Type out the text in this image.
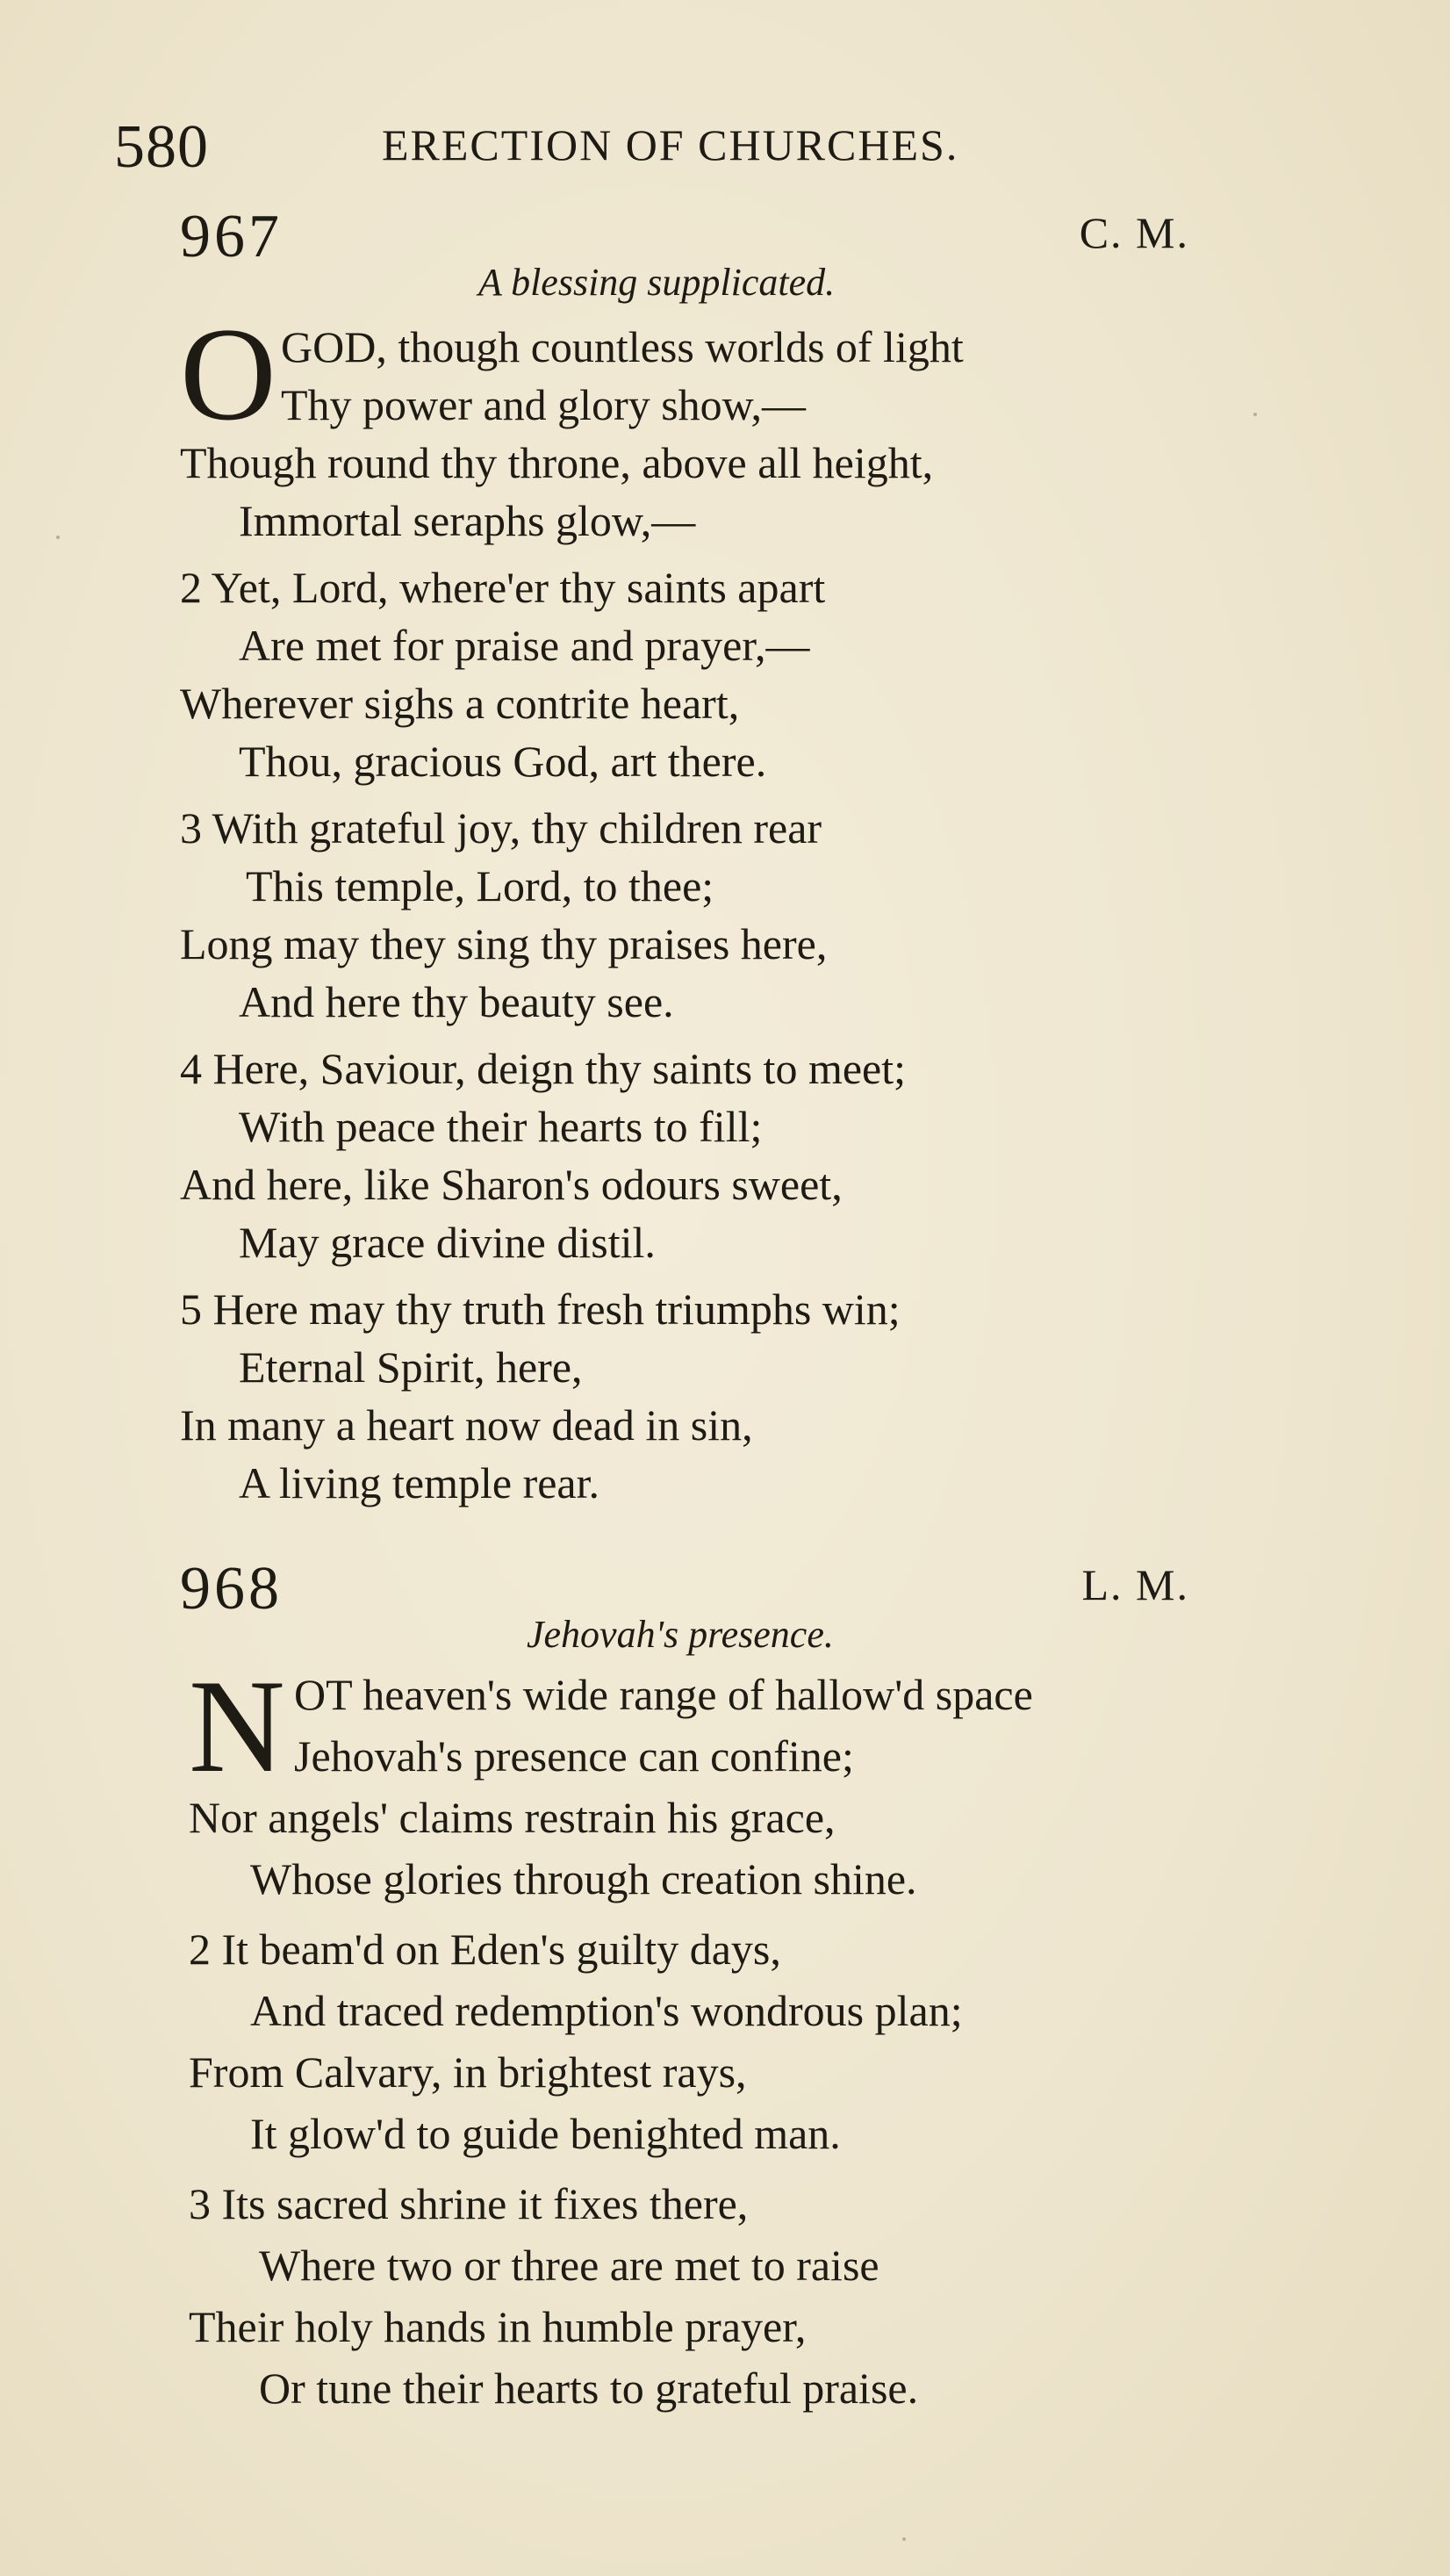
580	ERECTION OF CHURCHES.
967	C. M.
A blessing supplicated.
O GOD, though countless worlds of light
Thy power and glory show,—
Though round thy throne, above all height,
Immortal seraphs glow,—
2 Yet, Lord, where'er thy saints apart
Are met for praise and prayer,—
Wherever sighs a contrite heart,
Thou, gracious God, art there.
3 With grateful joy, thy children rear
This temple, Lord, to thee;
Long may they sing thy praises here,
And here thy beauty see.
4 Here, Saviour, deign thy saints to meet;
With peace their hearts to fill;
And here, like Sharon's odours sweet,
May grace divine distil.
5 Here may thy truth fresh triumphs win;
Eternal Spirit, here,
In many a heart now dead in sin,
A living temple rear.
968	L. M.
Jehovah's presence.
N OT heaven's wide range of hallow'd space
Jehovah's presence can confine;
Nor angels' claims restrain his grace,
Whose glories through creation shine.
2 It beam'd on Eden's guilty days,
And traced redemption's wondrous plan;
From Calvary, in brightest rays,
It glow'd to guide benighted man.
3 Its sacred shrine it fixes there,
Where two or three are met to raise
Their holy hands in humble prayer,
Or tune their hearts to grateful praise.
